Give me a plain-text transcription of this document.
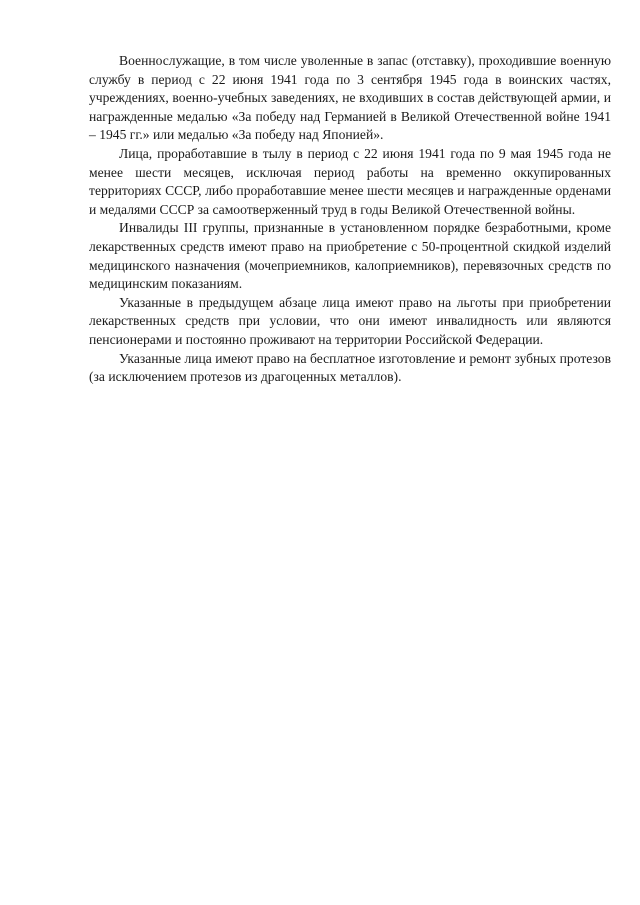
Военнослужащие, в том числе уволенные в запас (отставку), проходившие военную службу в период с 22 июня 1941 года по 3 сентября 1945 года в воинских частях, учреждениях, военно-учебных заведениях, не входивших в состав действующей армии, и награжденные медалью «За победу над Германией в Великой Отечественной войне 1941 – 1945 гг.» или медалью «За победу над Японией».

Лица, проработавшие в тылу в период с 22 июня 1941 года по 9 мая 1945 года не менее шести месяцев, исключая период работы на временно оккупированных территориях СССР, либо проработавшие менее шести месяцев и награжденные орденами и медалями СССР за самоотверженный труд в годы Великой Отечественной войны.

Инвалиды III группы, признанные в установленном порядке безработными, кроме лекарственных средств имеют право на приобретение с 50-процентной скидкой изделий медицинского назначения (мочеприемников, калоприемников), перевязочных средств по медицинским показаниям.

Указанные в предыдущем абзаце лица имеют право на льготы при приобретении лекарственных средств при условии, что они имеют инвалидность или являются пенсионерами и постоянно проживают на территории Российской Федерации.

Указанные лица имеют право на бесплатное изготовление и ремонт зубных протезов (за исключением протезов из драгоценных металлов).
